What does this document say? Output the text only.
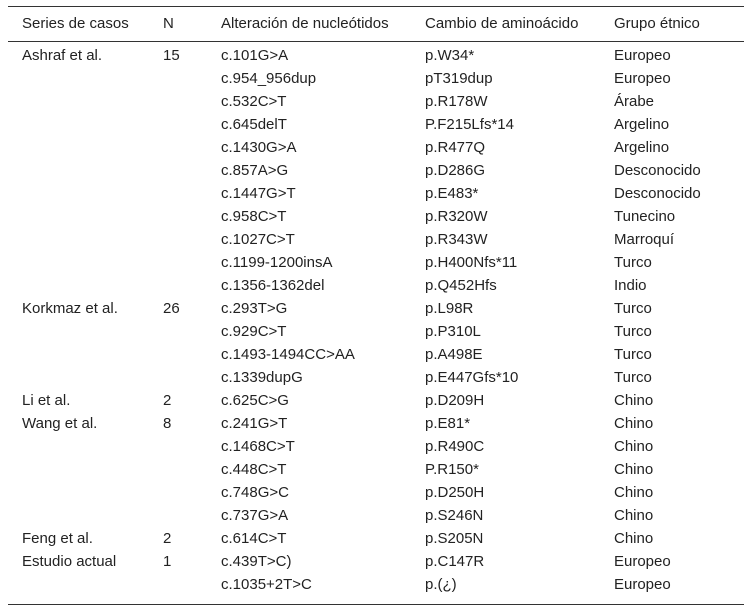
Series de casos	N	Alteración de nucleótidos	Cambio de aminoácido	Grupo étnico
Ashraf et al.	15	c.101G>A	p.W34*	Europeo
		c.954_956dup	pT319dup	Europeo
		c.532C>T	p.R178W	Árabe
		c.645delT	P.F215Lfs*14	Argelino
		c.1430G>A	p.R477Q	Argelino
		c.857A>G	p.D286G	Desconocido
		c.1447G>T	p.E483*	Desconocido
		c.958C>T	p.R320W	Tunecino
		c.1027C>T	p.R343W	Marroquí
		c.1199-1200insA	p.H400Nfs*11	Turco
		c.1356-1362del	p.Q452Hfs	Indio
Korkmaz et al.	26	c.293T>G	p.L98R	Turco
		c.929C>T	p.P310L	Turco
		c.1493-1494CC>AA	p.A498E	Turco
		c.1339dupG	p.E447Gfs*10	Turco
Li et al.	2	c.625C>G	p.D209H	Chino
Wang et al.	8	c.241G>T	p.E81*	Chino
		c.1468C>T	p.R490C	Chino
		c.448C>T	P.R150*	Chino
		c.748G>C	p.D250H	Chino
		c.737G>A	p.S246N	Chino
Feng et al.	2	c.614C>T	p.S205N	Chino
Estudio actual	1	c.439T>C)	p.C147R	Europeo
		c.1035+2T>C	p.(¿)	Europeo
